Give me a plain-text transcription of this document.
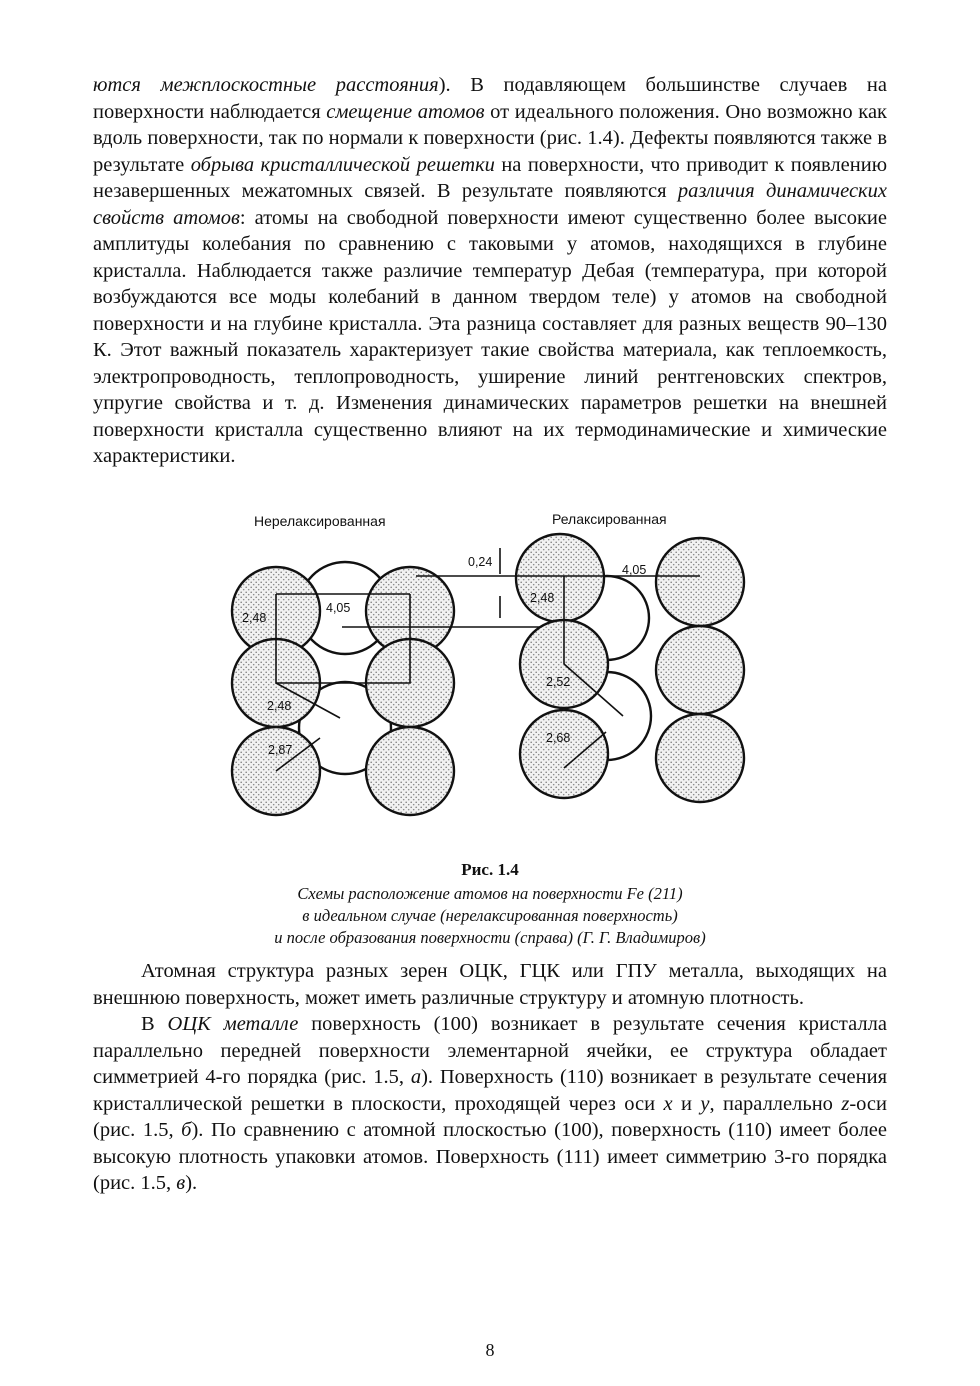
ются межплоскостные расстояния). В подавляющем большинстве случаев на поверхности наблюдается смещение атомов от идеального положения. Оно возможно как вдоль поверхности, так по нормали к поверхности (рис. 1.4). Дефекты появляются также в результате обрыва кристаллической решетки на поверхности, что приводит к появлению незавершенных межатомных связей. В результате появляются различия динамических свойств атомов: атомы на свободной поверхности имеют существенно более высокие амплитуды колебания по сравнению с таковыми у атомов, находящихся в глубине кристалла. Наблюдается также различие температур Дебая (температура, при которой возбуждаются все моды колебаний в данном твердом теле) у атомов на свободной поверхности и на глубине кристалла. Эта разница составляет для разных веществ 90–130 К. Этот важный показатель характеризует такие свойства материала, как теплоемкость, электропроводность, теплопроводность, уширение линий рентгеновских спектров, упругие свойства и т. д. Изменения динамических параметров решетки на внешней поверхности кристалла существенно влияют на их термодинамические и химические характеристики.

Нерелаксированная	Релаксированная
2,48
4,05
2,48
2,87
0,24
4,05
2,48
2,52
2,68
Рис. 1.4
Схемы расположение атомов на поверхности Fe (211)
в идеальном случае (нерелаксированная поверхность)
и после образования поверхности (справа) (Г. Г. Владимиров)

Атомная структура разных зерен ОЦК, ГЦК или ГПУ металла, выходящих на внешнюю поверхность, может иметь различные структуру и атомную плотность.

В ОЦК металле поверхность (100) возникает в результате сечения кристалла параллельно передней поверхности элементарной ячейки, ее структура обладает симметрией 4-го порядка (рис. 1.5, а). Поверхность (110) возникает в результате сечения кристаллической решетки в плоскости, проходящей через оси x и y, параллельно z-оси (рис. 1.5, б). По сравнению с атомной плоскостью (100), поверхность (110) имеет более высокую плотность упаковки атомов. Поверхность (111) имеет симметрию 3-го порядка (рис. 1.5, в).

8
